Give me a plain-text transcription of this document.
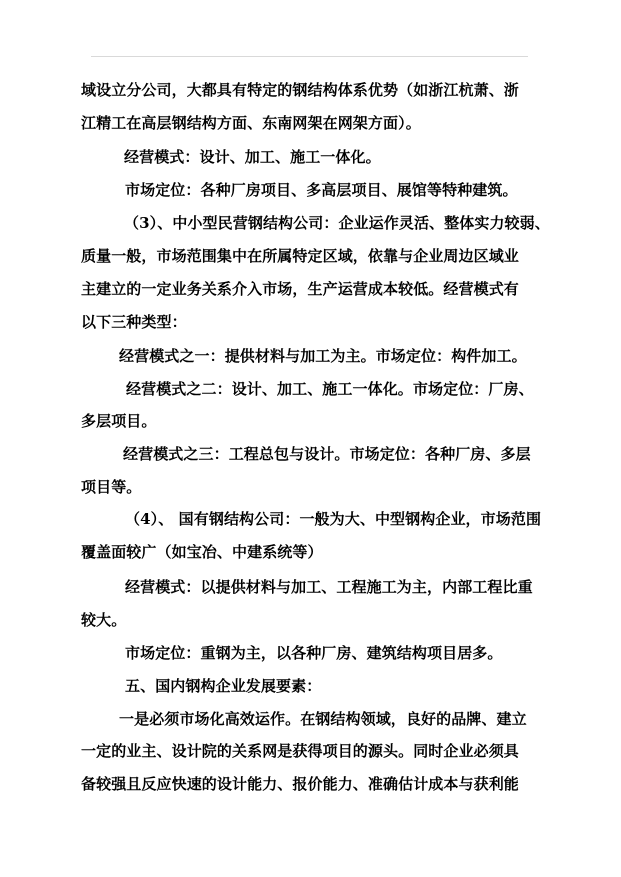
域设立分公司，大都具有特定的钢结构体系优势（如浙江杭萧、浙
江精工在高层钢结构方面、东南网架在网架方面）。
经营模式：设计、加工、施工一体化。
市场定位：各种厂房项目、多高层项目、展馆等特种建筑。
（3）、中小型民营钢结构公司：企业运作灵活、整体实力较弱、
质量一般，市场范围集中在所属特定区域，依靠与企业周边区域业
主建立的一定业务关系介入市场，生产运营成本较低。经营模式有
以下三种类型：
经营模式之一：提供材料与加工为主。市场定位：构件加工。
经营模式之二：设计、加工、施工一体化。市场定位：厂房、
多层项目。
经营模式之三：工程总包与设计。市场定位：各种厂房、多层
项目等。
（4）、 国有钢结构公司：一般为大、中型钢构企业，市场范围
覆盖面较广（如宝冶、中建系统等）
经营模式：以提供材料与加工、工程施工为主，内部工程比重
较大。
市场定位：重钢为主，以各种厂房、建筑结构项目居多。
五、国内钢构企业发展要素：
一是必须市场化高效运作。在钢结构领域，良好的品牌、建立
一定的业主、设计院的关系网是获得项目的源头。同时企业必须具
备较强且反应快速的设计能力、报价能力、准确估计成本与获利能
